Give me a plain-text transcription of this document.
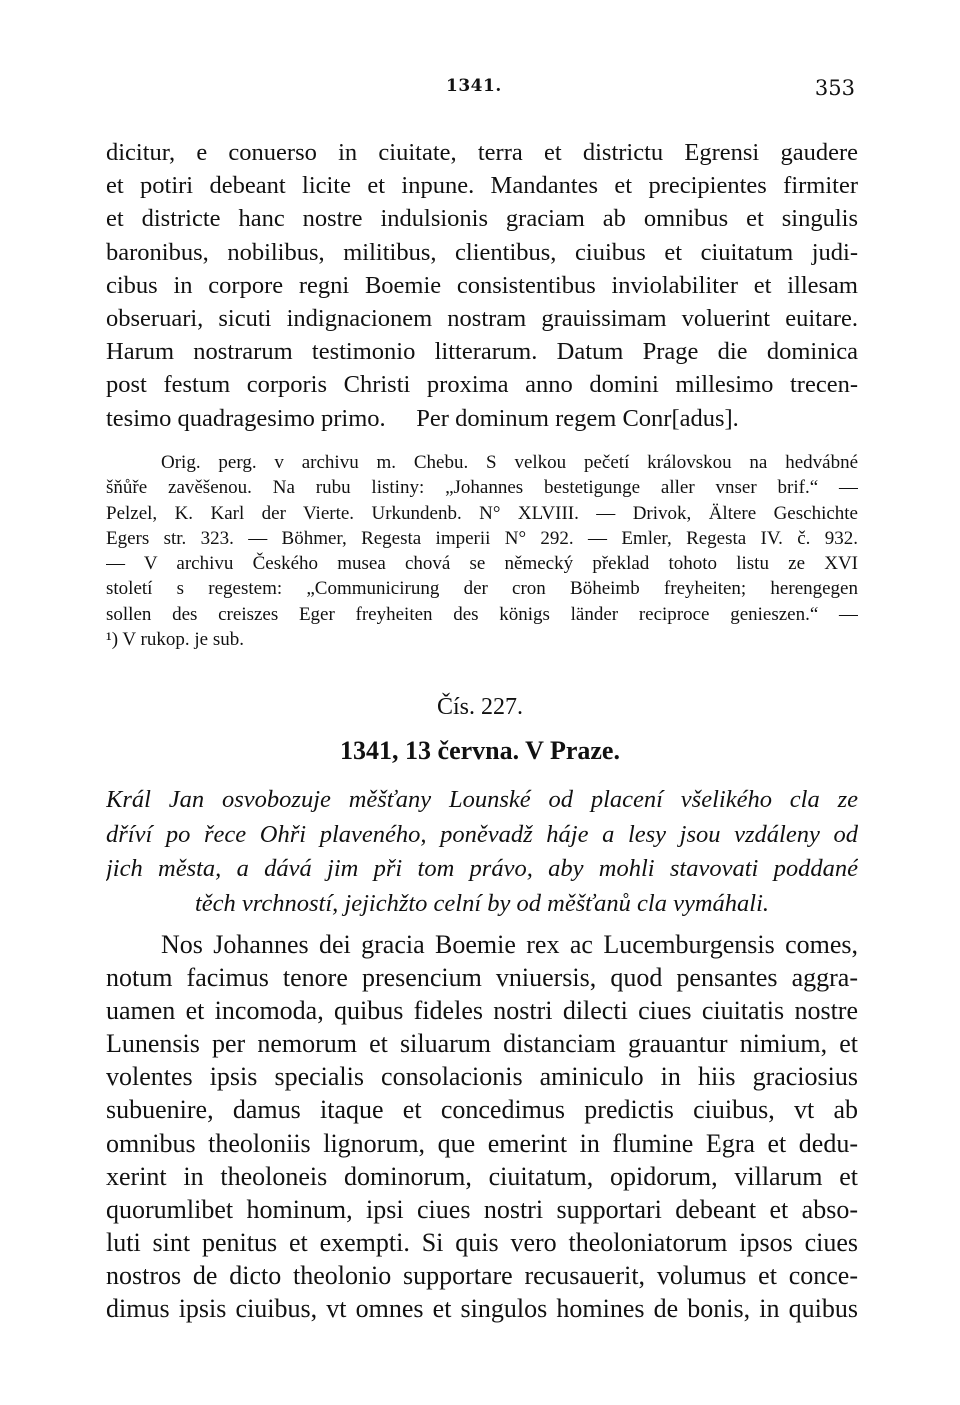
1341.	353
dicitur, e conuerso in ciuitate, terra et districtu Egrensi gaudere
et potiri debeant licite et inpune. Mandantes et precipientes firmiter
et districte hanc nostre indulsionis graciam ab omnibus et singulis
baronibus, nobilibus, militibus, clientibus, ciuibus et ciuitatum judi-
cibus in corpore regni Boemie consistentibus inviolabiliter et illesam
obseruari, sicuti indignacionem nostram grauissimam voluerint euitare.
Harum nostrarum testimonio litterarum. Datum Prage die dominica
post festum corporis Christi proxima anno domini millesimo trecen-
tesimo quadragesimo primo.     Per dominum regem Conr[adus].
Orig. perg. v archivu m. Chebu. S velkou pečetí královskou na hedvábné
šňůře zavěšenou. Na rubu listiny: „Johannes bestetigunge aller vnser brif.“ —
Pelzel, K. Karl der Vierte. Urkundenb. N° XLVIII. — Drivok, Ältere Geschichte
Egers str. 323. — Böhmer, Regesta imperii N° 292. — Emler, Regesta IV. č. 932.
— V archivu Českého musea chová se německý překlad tohoto listu ze XVI
století s regestem: „Communicirung der cron Böheimb freyheiten; herengegen
sollen des creiszes Eger freyheiten des königs länder reciproce genieszen.“ —
¹) V rukop. je sub.
Čís. 227.
1341, 13 června. V Praze.
Král Jan osvobozuje měšťany Lounské od placení všelikého cla ze
dříví po řece Ohři plaveného, poněvadž háje a lesy jsou vzdáleny od
jich města, a dává jim při tom právo, aby mohli stavovati poddané
těch vrchností, jejichžto celní by od měšťanů cla vymáhali.
Nos Johannes dei gracia Boemie rex ac Lucemburgensis comes,
notum facimus tenore presencium vniuersis, quod pensantes aggra-
uamen et incomoda, quibus fideles nostri dilecti ciues ciuitatis nostre
Lunensis per nemorum et siluarum distanciam grauantur nimium, et
volentes ipsis specialis consolacionis aminiculo in hiis graciosius
subuenire, damus itaque et concedimus predictis ciuibus, vt ab
omnibus theoloniis lignorum, que emerint in flumine Egra et dedu-
xerint in theoloneis dominorum, ciuitatum, opidorum, villarum et
quorumlibet hominum, ipsi ciues nostri supportari debeant et abso-
luti sint penitus et exempti. Si quis vero theoloniatorum ipsos ciues
nostros de dicto theolonio supportare recusauerit, volumus et conce-
dimus ipsis ciuibus, vt omnes et singulos homines de bonis, in quibus
